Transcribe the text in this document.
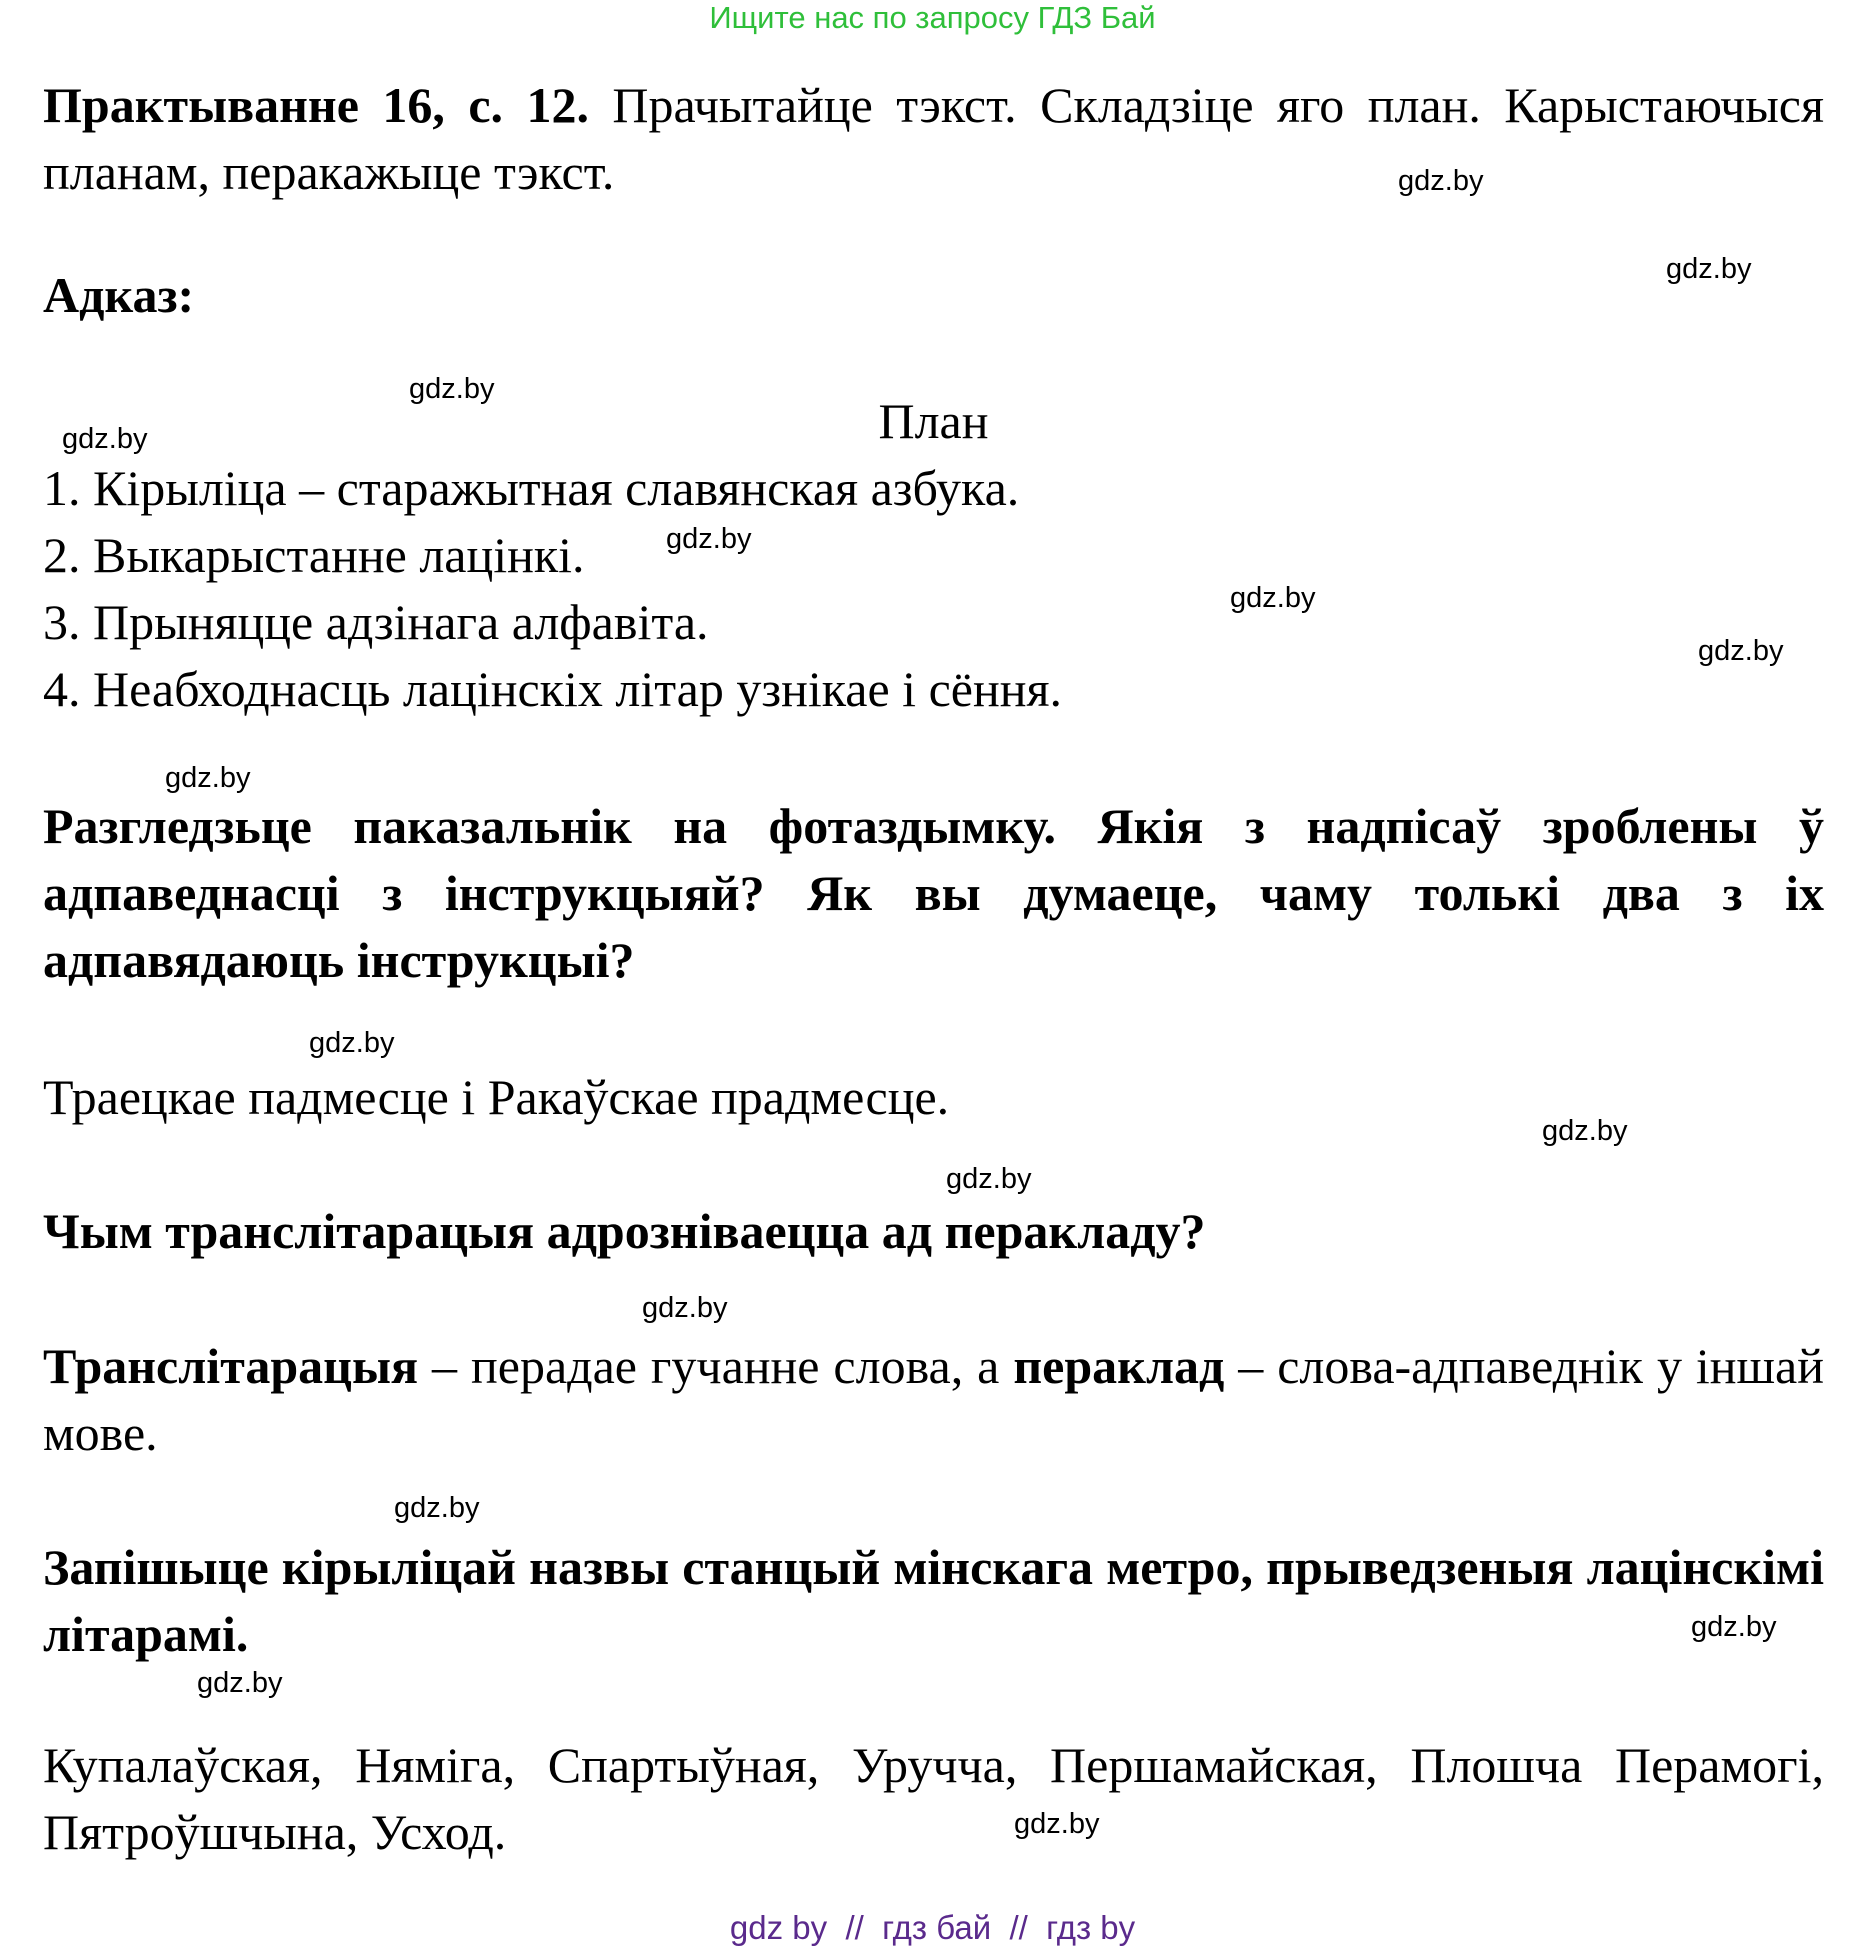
Ищите нас по запросу ГДЗ Бай
Практыванне 16, с. 12. Прачытайце тэкст. Складзіце яго план. Карыстаючыся планам, перакажыце тэкст.
Адказ:
План
1. Кірыліца – старажытная славянская азбука.
2. Выкарыстанне лацінкі.
3. Прыняцце адзінага алфавіта.
4. Неабходнасць лацінскіх літар узнікае і сёння.
Разгледзьце паказальнік на фотаздымку. Якія з надпісаў зроблены ў адпаведнасці з інструкцыяй? Як вы думаеце, чаму толькі два з іх адпавядаюць інструкцыі?
Траецкае падмесце і Ракаўскае прадмесце.
Чым транслітарацыя адрозніваецца ад перакладу?
Транслітарацыя – перадае гучанне слова, а пераклад – слова-адпаведнік у іншай мове.
Запішыце кірыліцай назвы станцый мінскага метро, прыведзеныя лацінскімі літарамі.
Купалаўская, Няміга, Спартыўная, Уручча, Першамайская, Плошча Перамогі, Пятроўшчына, Усход.
gdz.by
gdz.by
gdz.by
gdz.by
gdz.by
gdz.by
gdz.by
gdz.by
gdz.by
gdz.by
gdz.by
gdz.by
gdz.by
gdz.by
gdz.by
gdz.by
gdz by  //  гдз бай  //  гдз by
